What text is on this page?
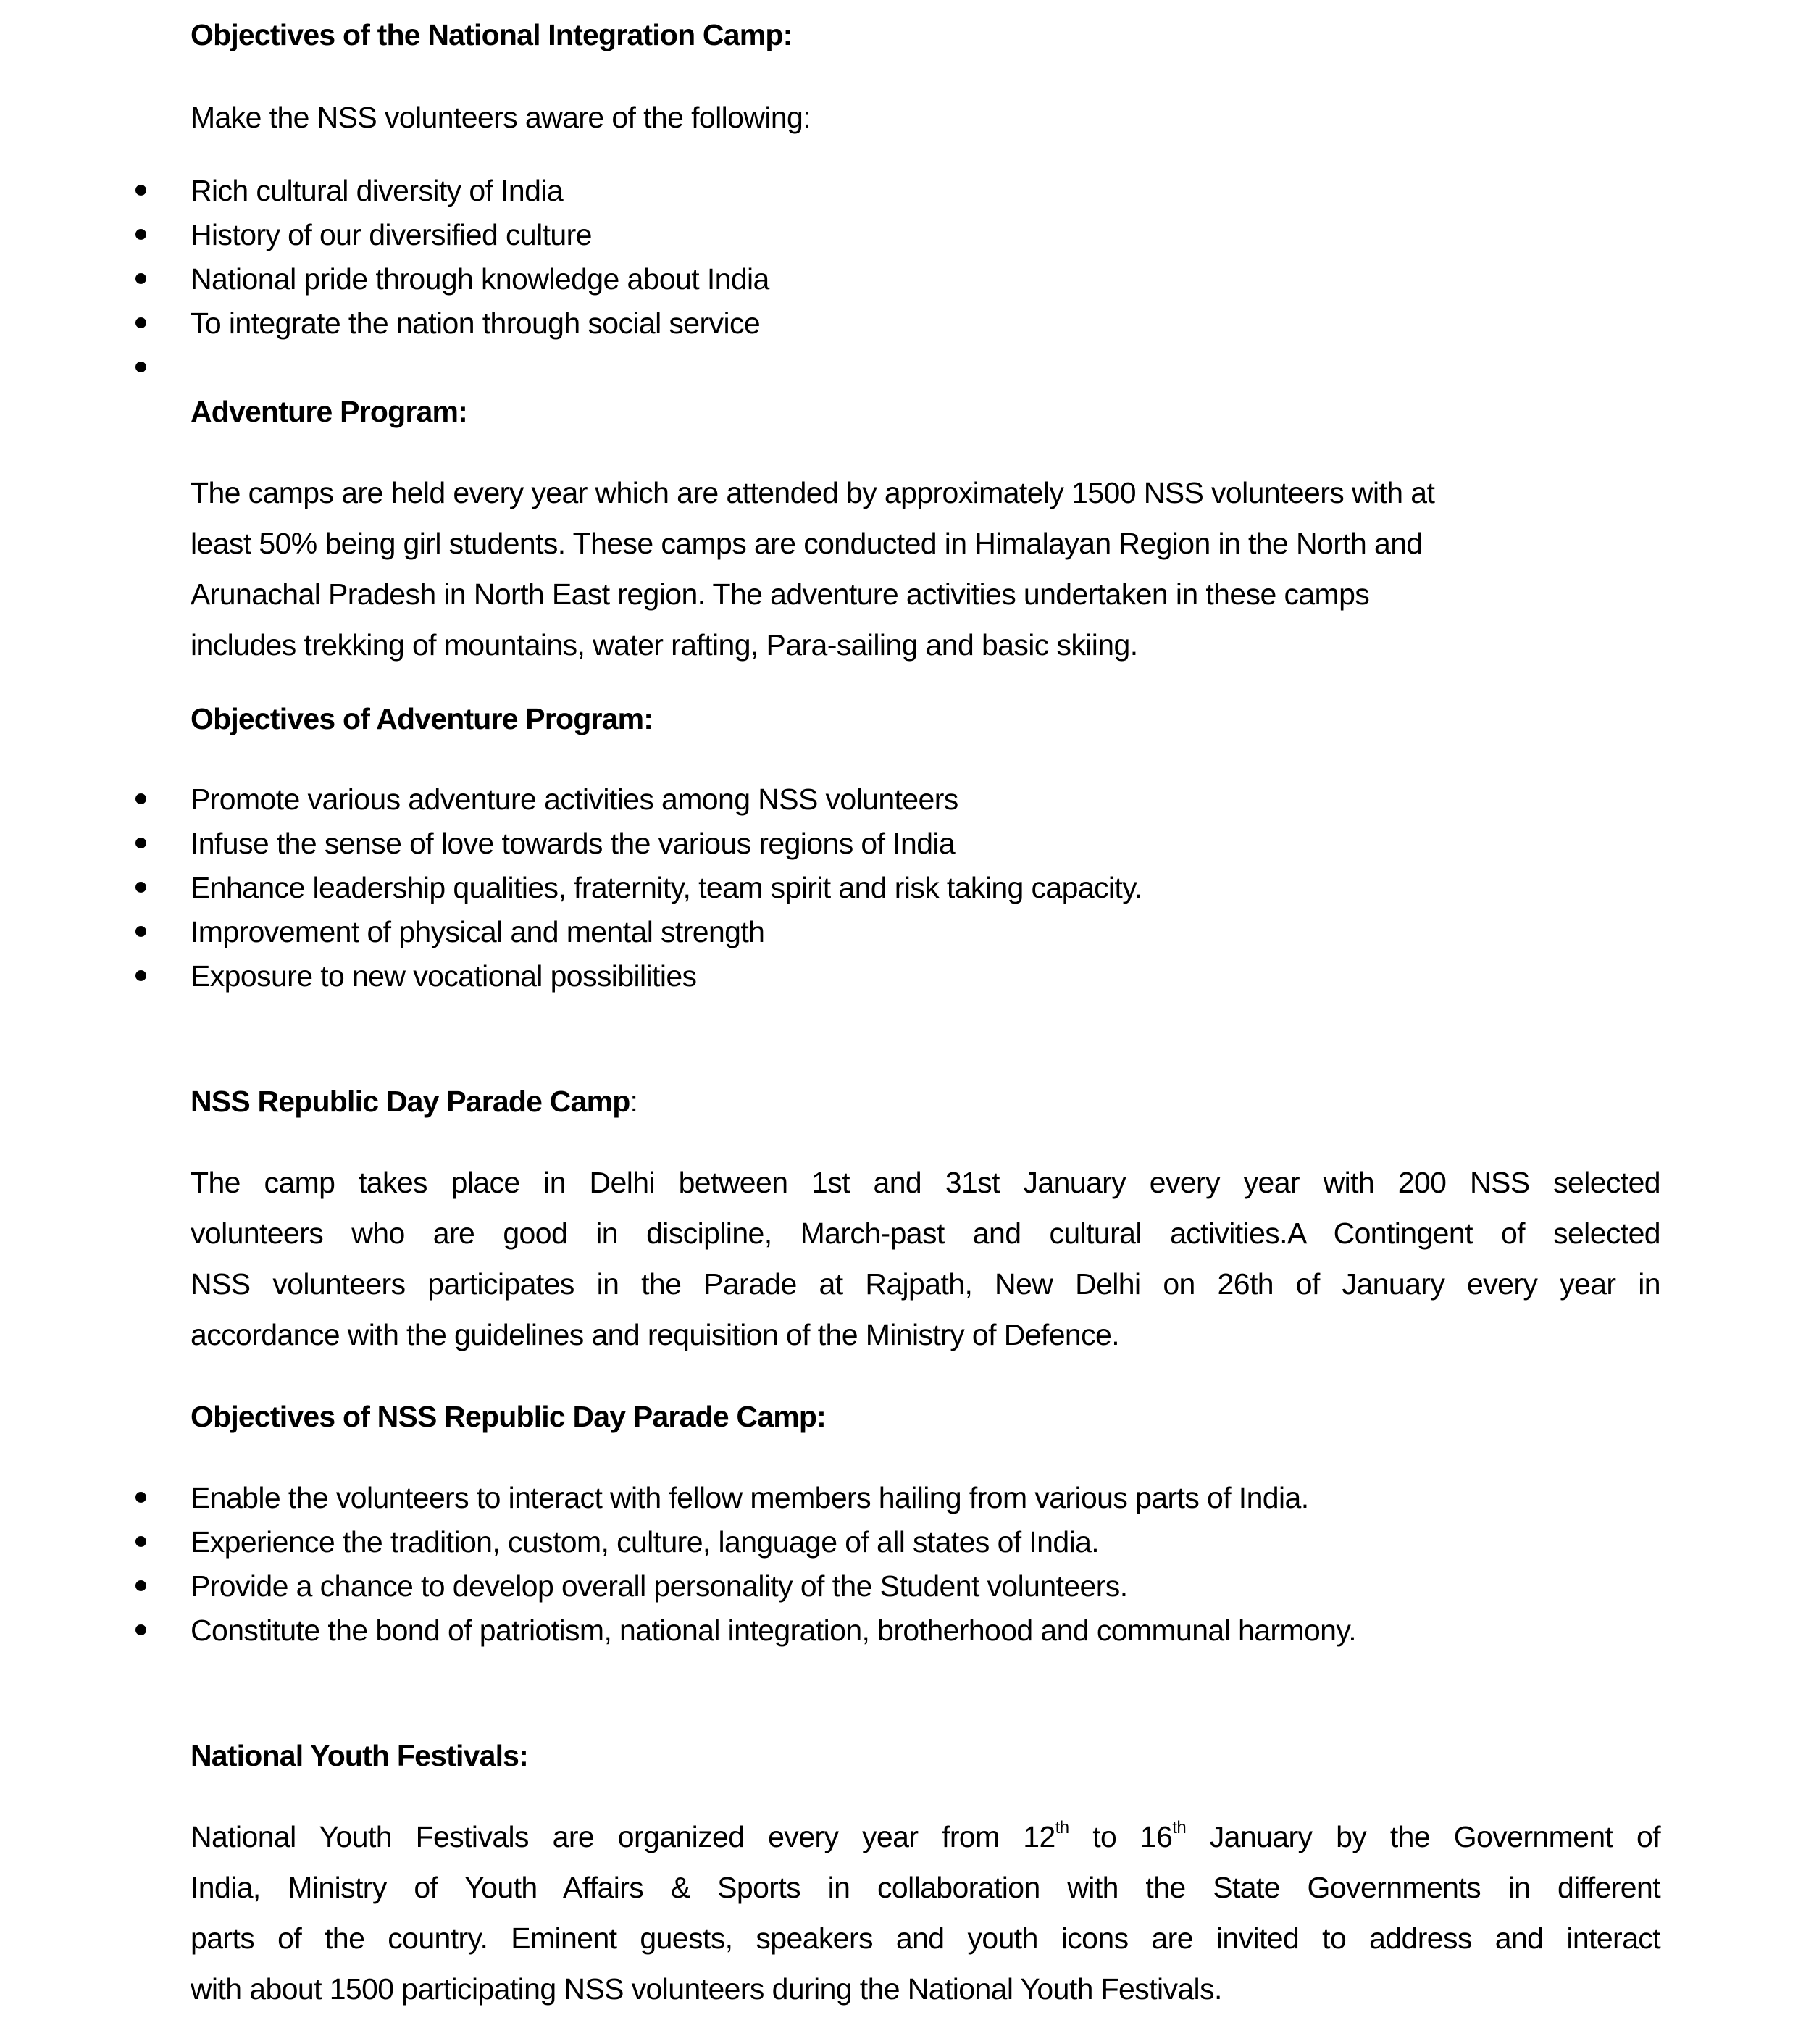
Objectives of the National Integration Camp:
Make the NSS volunteers aware of the following:
Rich cultural diversity of India
History of our diversified culture
National pride through knowledge about India
To integrate the nation through social service
Adventure Program:
The camps are held every year which are attended by approximately 1500 NSS volunteers with at
least 50% being girl students. These camps are conducted in Himalayan Region in the North and
Arunachal Pradesh in North East region. The adventure activities undertaken in these camps
includes trekking of mountains, water rafting, Para-sailing and basic skiing.
Objectives of Adventure Program:
Promote various adventure activities among NSS volunteers
Infuse the sense of love towards the various regions of India
Enhance leadership qualities, fraternity, team spirit and risk taking capacity.
Improvement of physical and mental strength
Exposure to new vocational possibilities
NSS Republic Day Parade Camp:
The camp takes place in Delhi between 1st and 31st January every year with 200 NSS selected
volunteers who are good in discipline, March-past and cultural activities.A Contingent of selected
NSS volunteers participates in the Parade at Rajpath, New Delhi on 26th of January every year in
accordance with the guidelines and requisition of the Ministry of Defence.
Objectives of NSS Republic Day Parade Camp:
Enable the volunteers to interact with fellow members hailing from various parts of India.
Experience the tradition, custom, culture, language of all states of India.
Provide a chance to develop overall personality of the Student volunteers.
Constitute the bond of patriotism, national integration, brotherhood and communal harmony.
National Youth Festivals:
National Youth Festivals are organized every year from 12th to 16th January by the Government of
India, Ministry of Youth Affairs & Sports in collaboration with the State Governments in different
parts of the country. Eminent guests, speakers and youth icons are invited to address and interact
with about 1500 participating NSS volunteers during the National Youth Festivals.
